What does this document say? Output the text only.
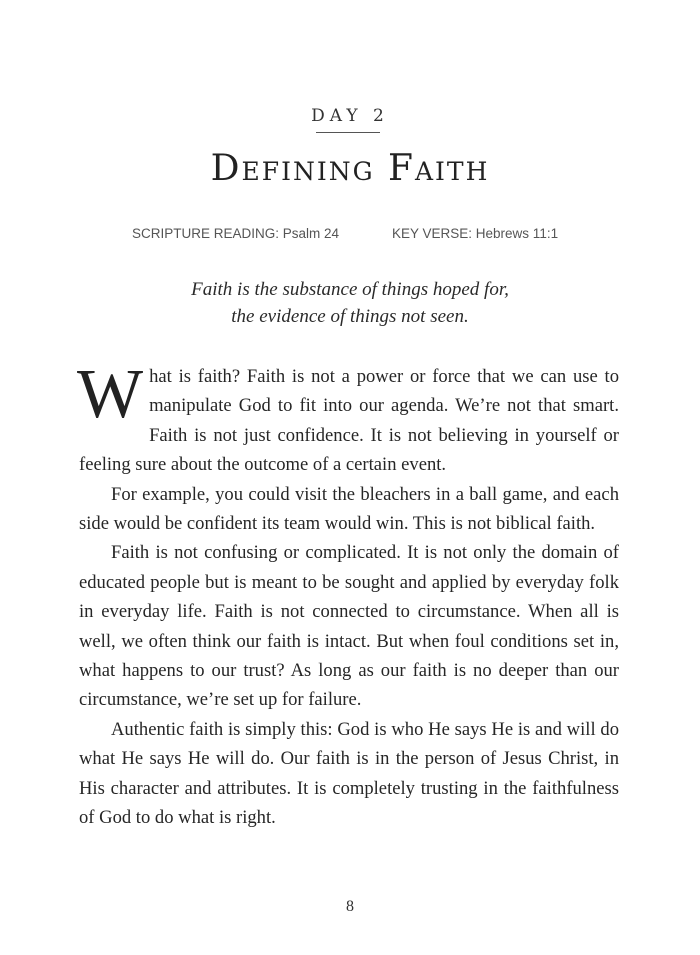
DAY 2
Defining Faith
SCRIPTURE READING: Psalm 24	KEY VERSE: Hebrews 11:1
Faith is the substance of things hoped for,
the evidence of things not seen.

What is faith? Faith is not a power or force that we can use to manipulate God to fit into our agenda. We’re not that smart. Faith is not just confidence. It is not believing in yourself or feeling sure about the outcome of a certain event.

For example, you could visit the bleachers in a ball game, and each side would be confident its team would win. This is not biblical faith.

Faith is not confusing or complicated. It is not only the domain of educated people but is meant to be sought and applied by everyday folk in everyday life. Faith is not connected to circumstance. When all is well, we often think our faith is intact. But when foul conditions set in, what happens to our trust? As long as our faith is no deeper than our circumstance, we’re set up for failure.

Authentic faith is simply this: God is who He says He is and will do what He says He will do. Our faith is in the person of Jesus Christ, in His character and attributes. It is completely trusting in the faithfulness of God to do what is right.

8
